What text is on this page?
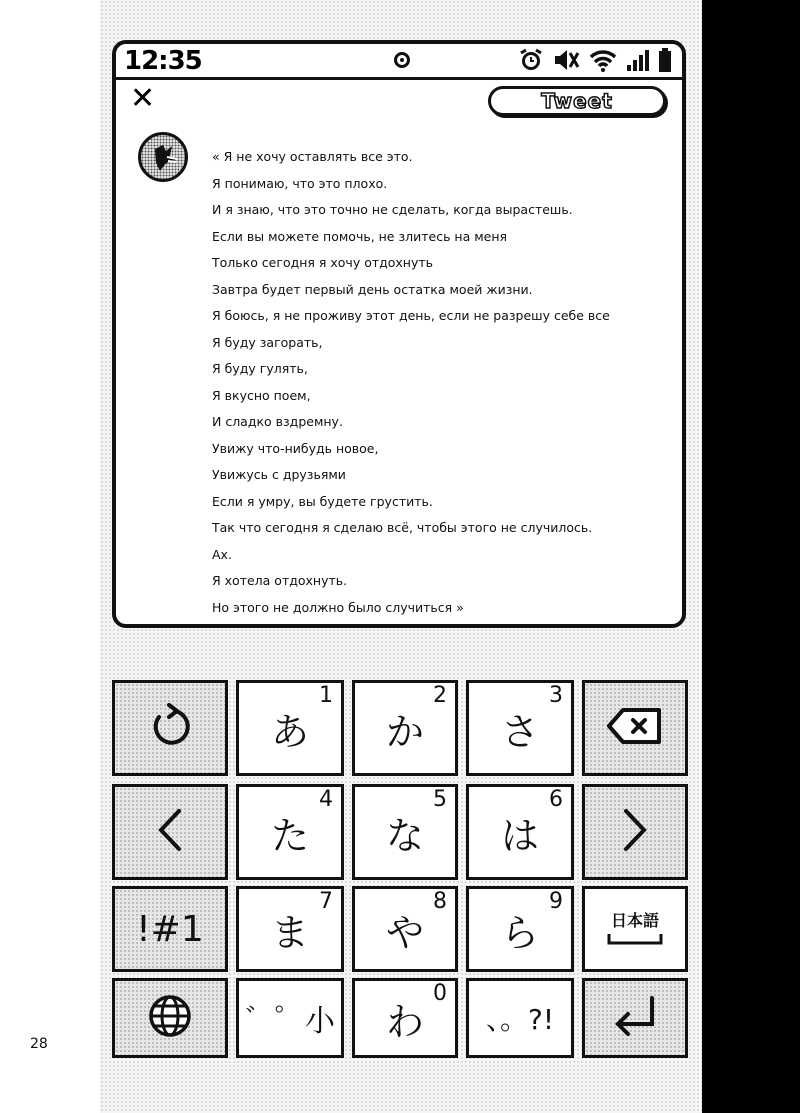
12:35
✕	Tweet
« Я не хочу оставлять все это.
Я понимаю, что это плохо.
И я знаю, что это точно не сделать, когда вырастешь.
Если вы можете помочь, не злитесь на меня
Только сегодня я хочу отдохнуть
Завтра будет первый день остатка моей жизни.
Я боюсь, я не проживу этот день, если не разрешу себе все
Я буду загорать,
Я буду гулять,
Я вкусно поем,
И сладко вздремну.
Увижу что-нибудь новое,
Увижусь с друзьями
Если я умру, вы будете грустить.
Так что сегодня я сделаю всё, чтобы этого не случилось.
Ах.
Я хотела отдохнуть.
Но этого не должно было случиться »
あ
1
か
2
さ
3
た
4
な
5
は
6
!#1 ま
7
や
8
ら
9
日本語
゛゜小 わ
0
、。?!
28
